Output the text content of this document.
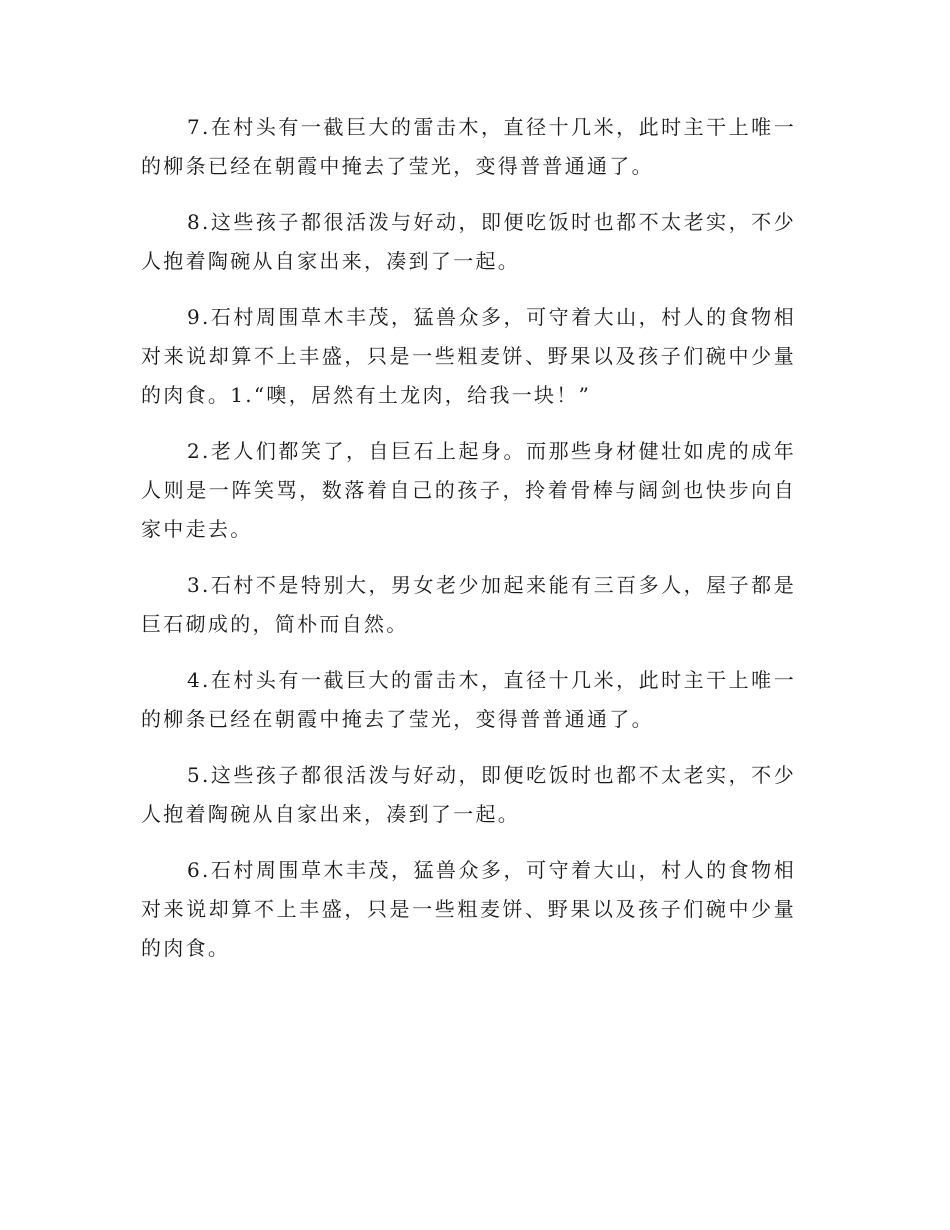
7.在村头有一截巨大的雷击木，直径十几米，此时主干上唯一的柳条已经在朝霞中掩去了莹光，变得普普通通了。

8.这些孩子都很活泼与好动，即便吃饭时也都不太老实，不少人抱着陶碗从自家出来，凑到了一起。

9.石村周围草木丰茂，猛兽众多，可守着大山，村人的食物相对来说却算不上丰盛，只是一些粗麦饼、野果以及孩子们碗中少量的肉食。1.“噢，居然有土龙肉，给我一块！”

2.老人们都笑了，自巨石上起身。而那些身材健壮如虎的成年人则是一阵笑骂，数落着自己的孩子，拎着骨棒与阔剑也快步向自家中走去。

3.石村不是特别大，男女老少加起来能有三百多人，屋子都是巨石砌成的，简朴而自然。

4.在村头有一截巨大的雷击木，直径十几米，此时主干上唯一的柳条已经在朝霞中掩去了莹光，变得普普通通了。

5.这些孩子都很活泼与好动，即便吃饭时也都不太老实，不少人抱着陶碗从自家出来，凑到了一起。

6.石村周围草木丰茂，猛兽众多，可守着大山，村人的食物相对来说却算不上丰盛，只是一些粗麦饼、野果以及孩子们碗中少量的肉食。
